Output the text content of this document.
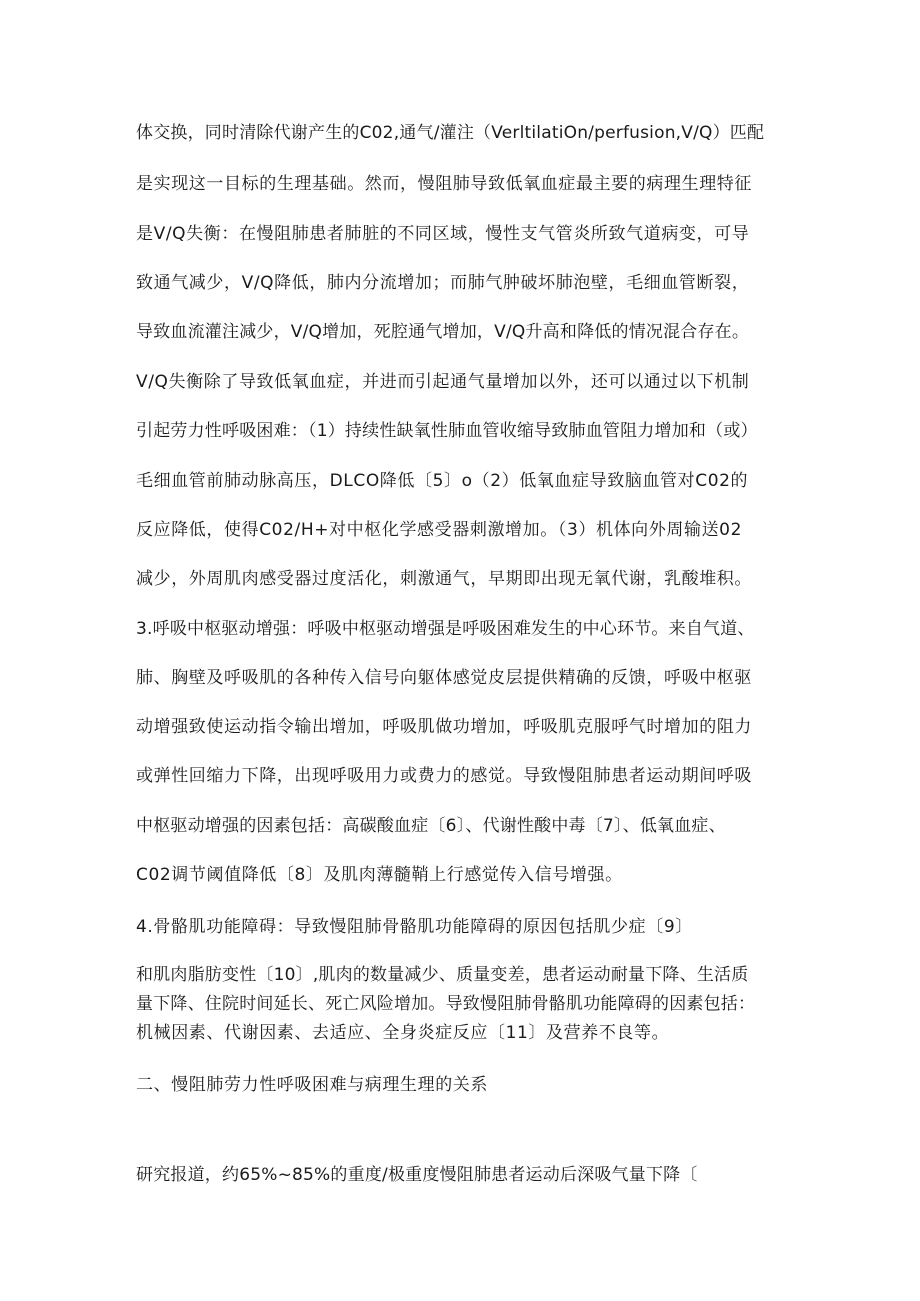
体交换，同时清除代谢产生的C02,通气/灌注（VerltilatiOn/perfusion,V/Q）匹配
是实现这一目标的生理基础。然而，慢阻肺导致低氧血症最主要的病理生理特征
是V/Q失衡：在慢阻肺患者肺脏的不同区域，慢性支气管炎所致气道病变，可导
致通气减少，V/Q降低，肺内分流增加；而肺气肿破坏肺泡壁，毛细血管断裂，
导致血流灌注减少，V/Q增加，死腔通气增加，V/Q升高和降低的情况混合存在。
V/Q失衡除了导致低氧血症，并进而引起通气量增加以外，还可以通过以下机制
引起劳力性呼吸困难：（1）持续性缺氧性肺血管收缩导致肺血管阻力增加和（或）
毛细血管前肺动脉高压，DLCO降低〔5〕o（2）低氧血症导致脑血管对C02的
反应降低，使得C02/H+对中枢化学感受器刺激增加。（3）机体向外周输送02
减少，外周肌肉感受器过度活化，刺激通气，早期即出现无氧代谢，乳酸堆积。
3.呼吸中枢驱动增强：呼吸中枢驱动增强是呼吸困难发生的中心环节。来自气道、
肺、胸壁及呼吸肌的各种传入信号向躯体感觉皮层提供精确的反馈，呼吸中枢驱
动增强致使运动指令输出增加，呼吸肌做功增加，呼吸肌克服呼气时增加的阻力
或弹性回缩力下降，出现呼吸用力或费力的感觉。导致慢阻肺患者运动期间呼吸
中枢驱动增强的因素包括：高碳酸血症〔6〕、代谢性酸中毒〔7〕、低氧血症、
C02调节阈值降低〔8〕及肌肉薄髓鞘上行感觉传入信号增强。
4.骨骼肌功能障碍：导致慢阻肺骨骼肌功能障碍的原因包括肌少症〔9〕
和肌肉脂肪变性〔10〕,肌肉的数量减少、质量变差，患者运动耐量下降、生活质
量下降、住院时间延长、死亡风险增加。导致慢阻肺骨骼肌功能障碍的因素包括：
机械因素、代谢因素、去适应、全身炎症反应〔11〕及营养不良等。
二、慢阻肺劳力性呼吸困难与病理生理的关系
研究报道，约65%~85%的重度/极重度慢阻肺患者运动后深吸气量下降〔
